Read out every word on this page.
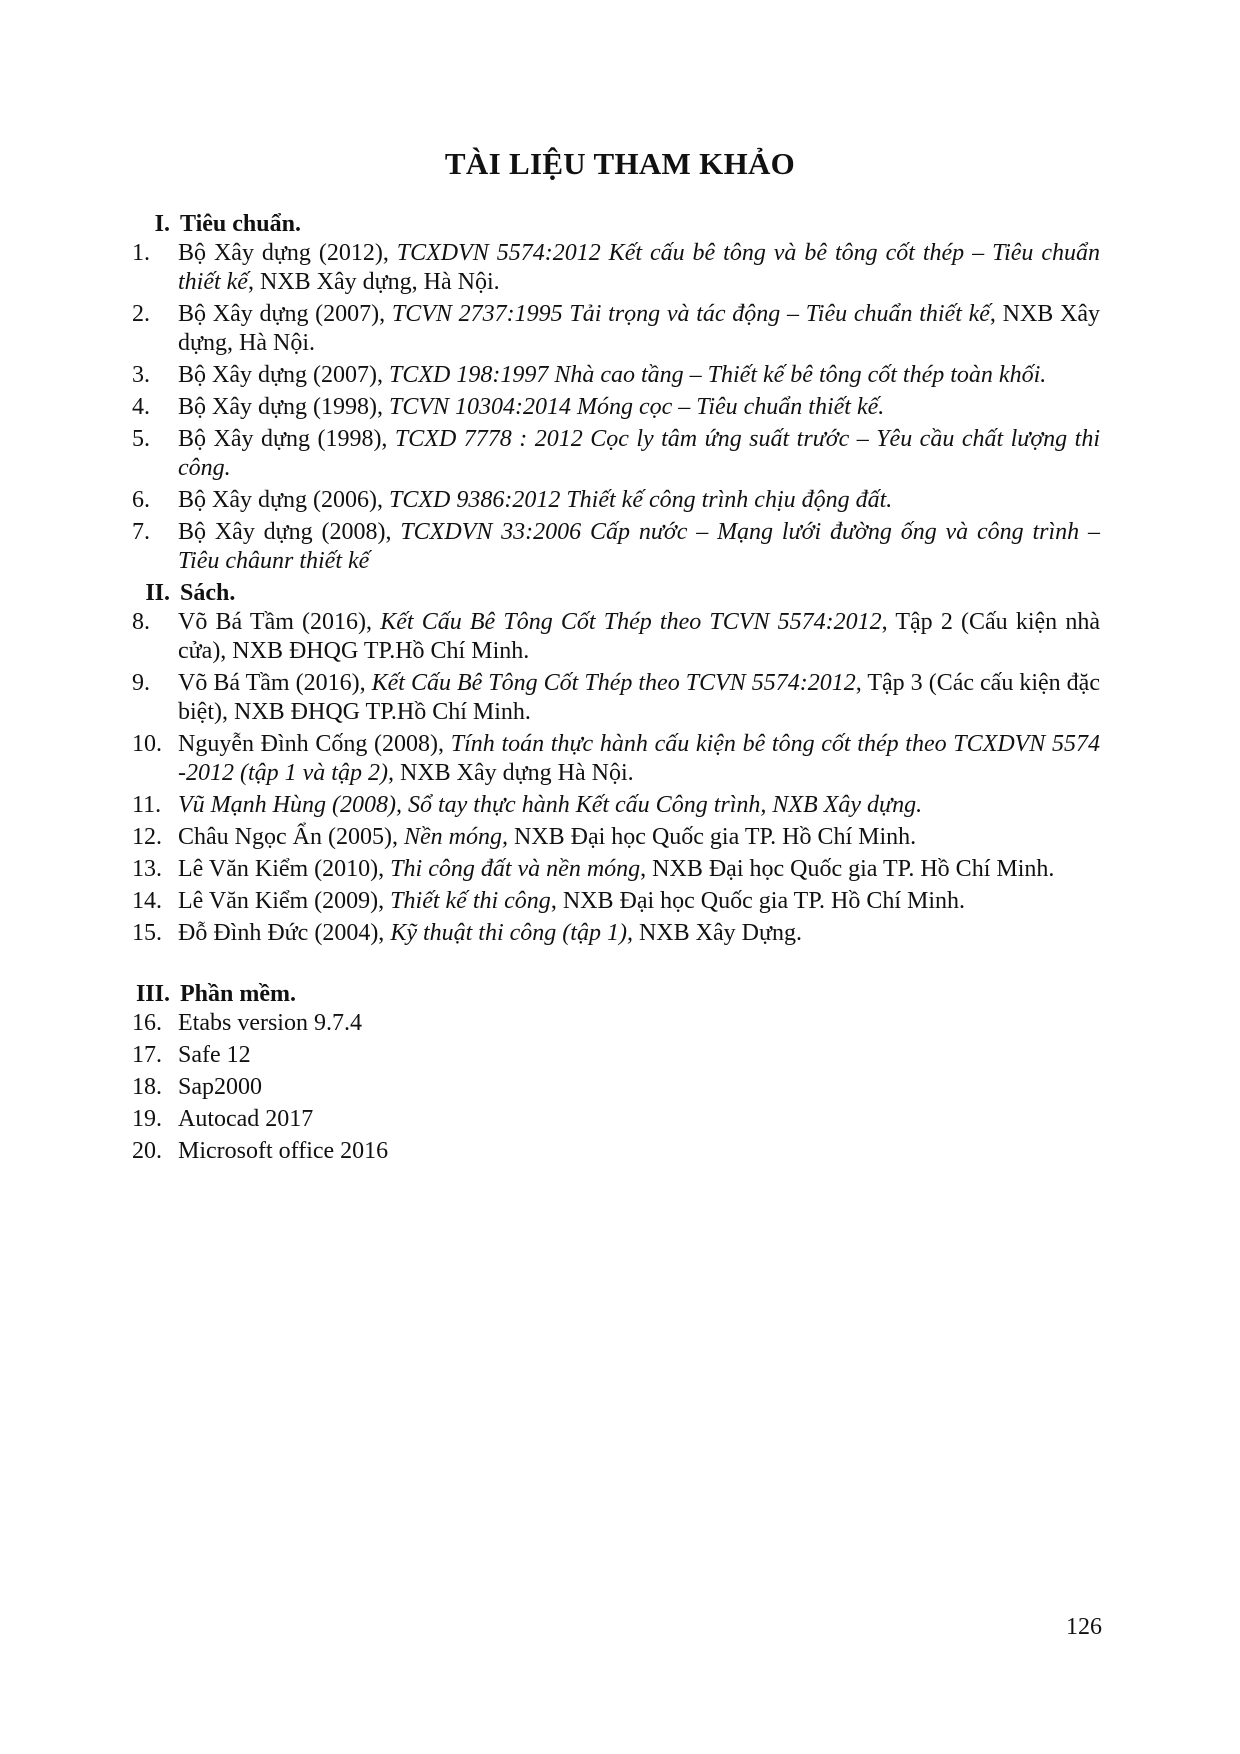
TÀI LIỆU THAM KHẢO
I. Tiêu chuẩn.
1.	Bộ Xây dựng (2012), TCXDVN 5574:2012 Kết cấu bê tông và bê tông cốt thép – Tiêu chuẩn thiết kế, NXB Xây dựng, Hà Nội.
2.	Bộ Xây dựng (2007), TCVN 2737:1995 Tải trọng và tác động – Tiêu chuẩn thiết kế, NXB Xây dựng, Hà Nội.
3.	Bộ Xây dựng (2007), TCXD 198:1997 Nhà cao tầng – Thiết kế bê tông cốt thép toàn khối.
4.	Bộ Xây dựng (1998), TCVN 10304:2014 Móng cọc – Tiêu chuẩn thiết kế.
5.	Bộ Xây dựng (1998), TCXD 7778 : 2012 Cọc ly tâm ứng suất trước – Yêu cầu chất lượng thi công.
6.	Bộ Xây dựng (2006), TCXD 9386:2012 Thiết kế công trình chịu động đất.
7.	Bộ Xây dựng (2008), TCXDVN 33:2006 Cấp nước – Mạng lưới đường ống và công trình – Tiêu châunr thiết kế
II. Sách.
8.	Võ Bá Tầm (2016), Kết Cấu Bê Tông Cốt Thép theo TCVN 5574:2012, Tập 2 (Cấu kiện nhà cửa), NXB ĐHQG TP.Hồ Chí Minh.
9.	Võ Bá Tầm (2016), Kết Cấu Bê Tông Cốt Thép theo TCVN 5574:2012, Tập 3 (Các cấu kiện đặc biệt), NXB ĐHQG TP.Hồ Chí Minh.
10. Nguyễn Đình Cống (2008), Tính toán thực hành cấu kiện bê tông cốt thép theo TCXDVN 5574 -2012 (tập 1 và tập 2), NXB Xây dựng Hà Nội.
11. Vũ Mạnh Hùng (2008), Sổ tay thực hành Kết cấu Công trình, NXB Xây dựng.
12. Châu Ngọc Ẩn (2005), Nền móng, NXB Đại học Quốc gia TP. Hồ Chí Minh.
13. Lê Văn Kiểm (2010), Thi công đất và nền móng, NXB Đại học Quốc gia TP. Hồ Chí Minh.
14. Lê Văn Kiểm (2009), Thiết kế thi công, NXB Đại học Quốc gia TP. Hồ Chí Minh.
15. Đỗ Đình Đức (2004), Kỹ thuật thi công (tập 1), NXB Xây Dựng.
III. Phần mềm.
16. Etabs version 9.7.4
17. Safe 12
18. Sap2000
19. Autocad 2017
20. Microsoft office 2016
126
